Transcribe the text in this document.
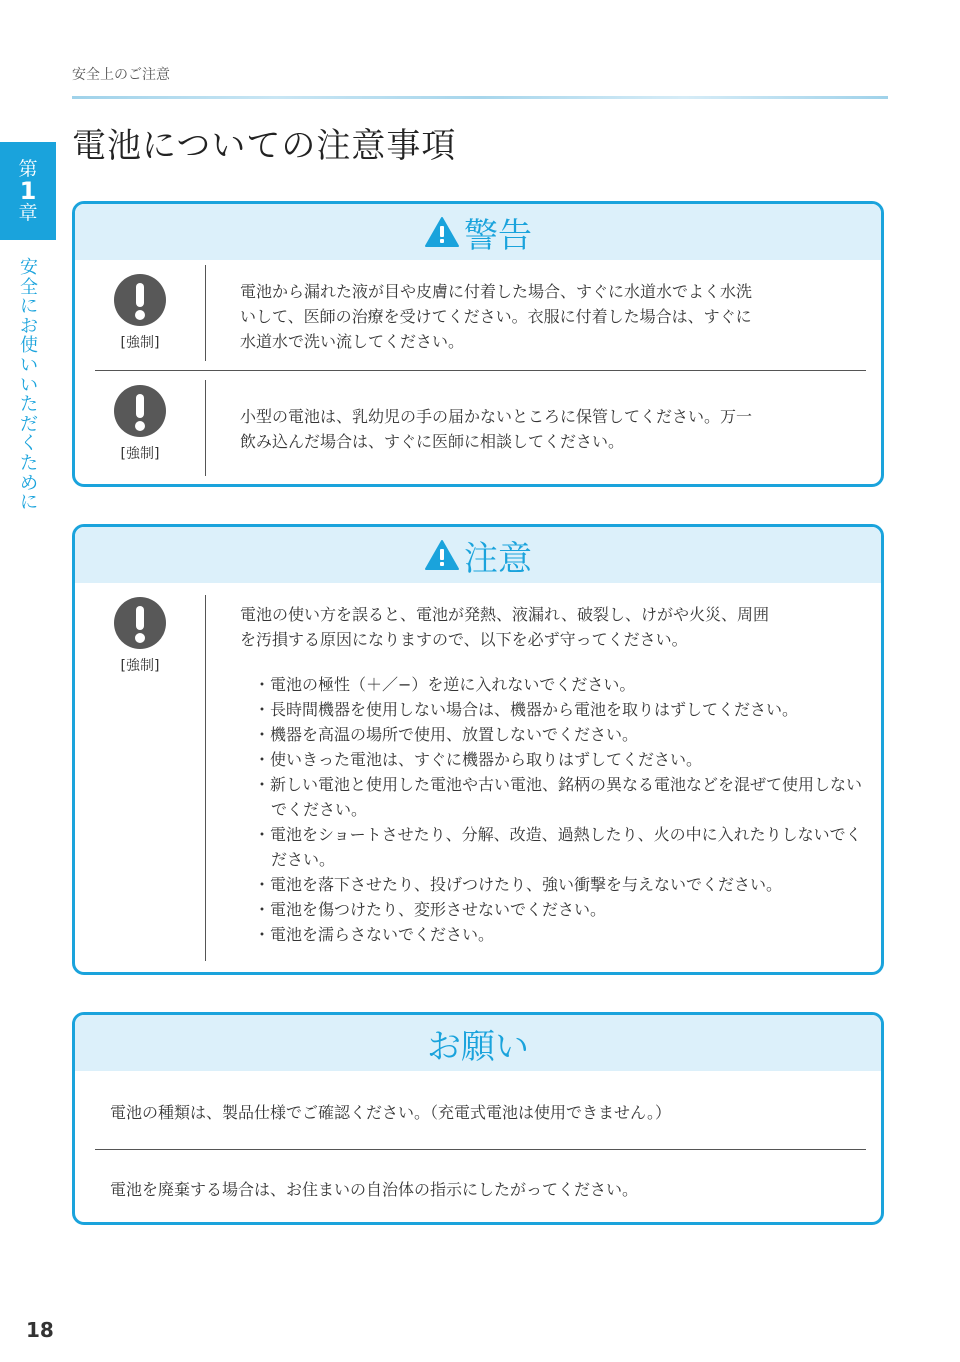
安全上のご注意
電池についての注意事項
第
1
章
安
全
に
お
使
い
い
た
だ
く
た
め
に
警告
[強制]
電池から漏れた液が目や皮膚に付着した場合、すぐに水道水でよく水洗
いして、医師の治療を受けてください。衣服に付着した場合は、すぐに
水道水で洗い流してください。
[強制]
小型の電池は、乳幼児の手の届かないところに保管してください。万一
飲み込んだ場合は、すぐに医師に相談してください。
注意
[強制]
電池の使い方を誤ると、電池が発熱、液漏れ、破裂し、けがや火災、周囲
を汚損する原因になりますので、以下を必ず守ってください。
・電池の極性（＋／−）を逆に入れないでください。
・長時間機器を使用しない場合は、機器から電池を取りはずしてください。
・機器を高温の場所で使用、放置しないでください。
・使いきった電池は、すぐに機器から取りはずしてください。
・新しい電池と使用した電池や古い電池、銘柄の異なる電池などを混ぜて使用しないでください。
・電池をショートさせたり、分解、改造、過熱したり、火の中に入れたりしないでください。
・電池を落下させたり、投げつけたり、強い衝撃を与えないでください。
・電池を傷つけたり、変形させないでください。
・電池を濡らさないでください。
お願い
電池の種類は、製品仕様でご確認ください。（充電式電池は使用できません。）
電池を廃棄する場合は、お住まいの自治体の指示にしたがってください。
18
